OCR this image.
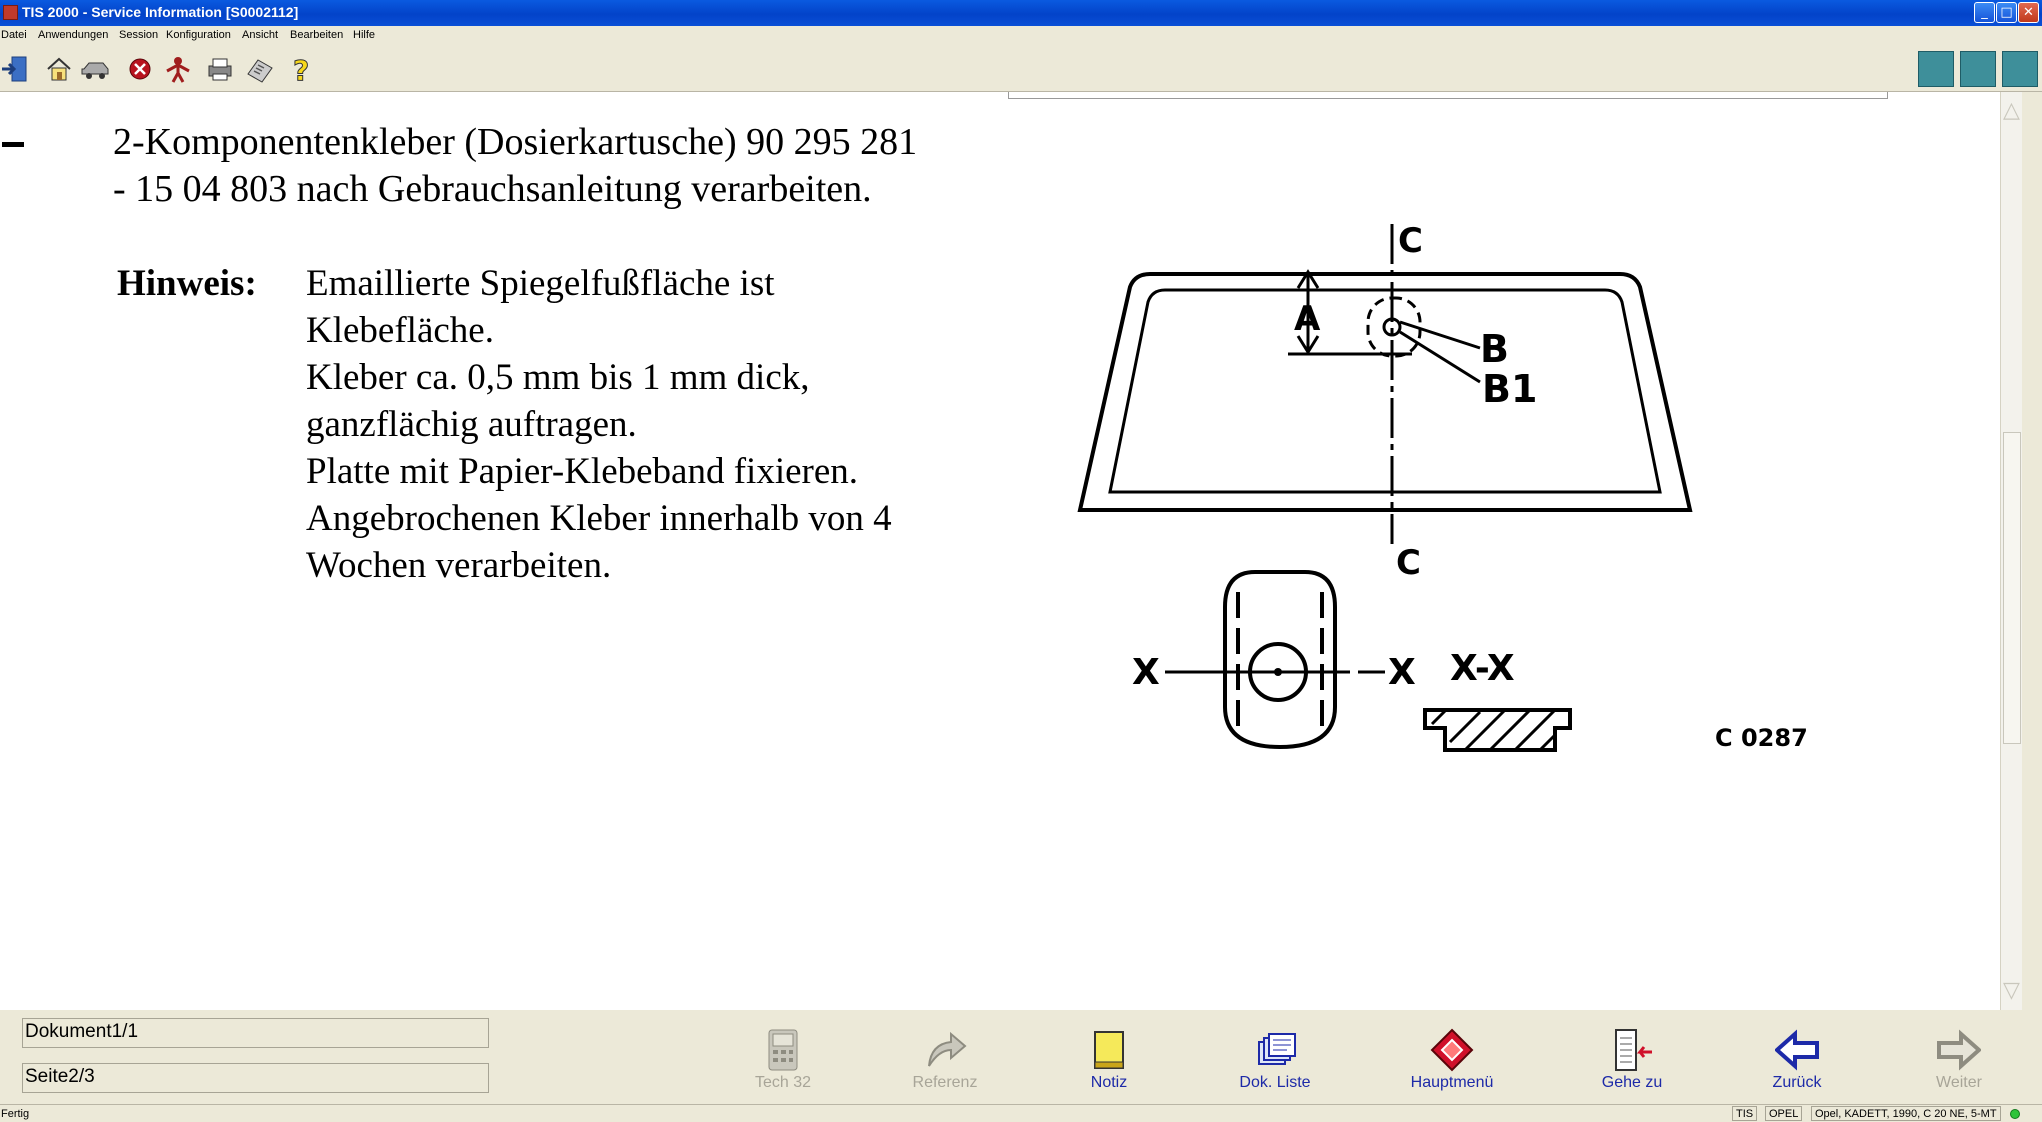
TIS 2000 - Service Information [S0002112]	_ □ ✕
Datei Anwendungen Session Konfiguration Ansicht Bearbeiten Hilfe
?
2-Komponentenkleber (Dosierkartusche) 90 295 281
- 15 04 803 nach Gebrauchsanleitung verarbeiten.
Hinweis: Emaillierte Spiegelfußfläche ist
Klebefläche.
Kleber ca. 0,5 mm bis 1 mm dick,
ganzflächig auftragen.
Platte mit Papier-Klebeband fixieren.
Angebrochenen Kleber innerhalb von 4
Wochen verarbeiten.
C
C
A
B
B1
X	X X-X
C 0287
△
▽
Dokument1/1
Seite2/3	Tech 32	Referenz	Notiz	Dok. Liste	Hauptmenü	Gehe zu	Zurück	Weiter
Fertig	TIS	OPEL	Opel, KADETT, 1990, C 20 NE, 5-MT
